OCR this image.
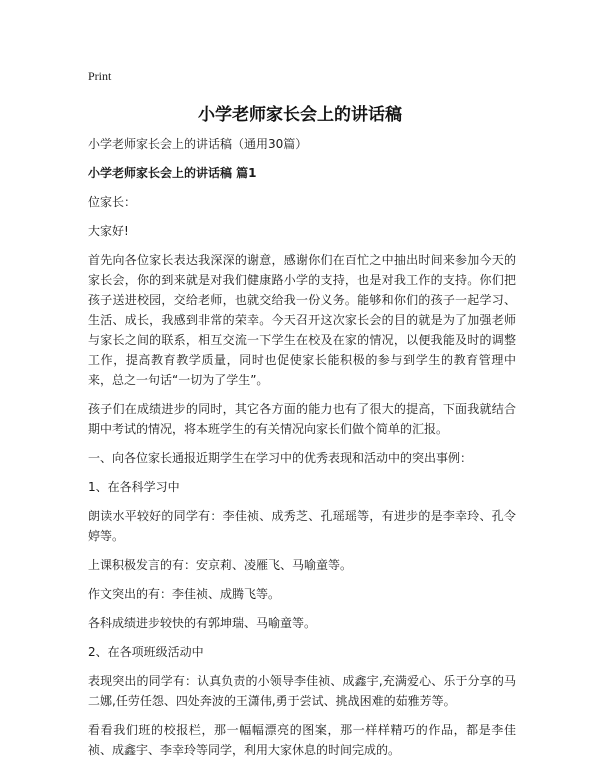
Print
小学老师家长会上的讲话稿

小学老师家长会上的讲话稿（通用30篇）

小学老师家长会上的讲话稿 篇1

位家长：

大家好!

首先向各位家长表达我深深的谢意，感谢你们在百忙之中抽出时间来参加今天的家长会，你的到来就是对我们健康路小学的支持，也是对我工作的支持。你们把孩子送进校园，交给老师，也就交给我一份义务。能够和你们的孩子一起学习、生活、成长，我感到非常的荣幸。今天召开这次家长会的目的就是为了加强老师与家长之间的联系，相互交流一下学生在校及在家的情况，以便我能及时的调整工作，提高教育教学质量，同时也促使家长能积极的参与到学生的教育管理中来，总之一句话“一切为了学生”。

孩子们在成绩进步的同时，其它各方面的能力也有了很大的提高，下面我就结合期中考试的情况，将本班学生的有关情况向家长们做个简单的汇报。

一、向各位家长通报近期学生在学习中的优秀表现和活动中的突出事例：

1、在各科学习中

朗读水平较好的同学有：李佳祯、成秀芝、孔瑶瑶等，有进步的是李幸玲、孔令婷等。

上课积极发言的有：安京莉、凌雁飞、马喻童等。

作文突出的有：李佳祯、成腾飞等。

各科成绩进步较快的有郭坤瑞、马喻童等。

2、在各项班级活动中

表现突出的同学有：认真负责的小领导李佳祯、成鑫宇,充满爱心、乐于分享的马二娜,任劳任怨、四处奔波的王潇伟,勇于尝试、挑战困难的茹雅芳等。

看看我们班的校报栏，那一幅幅漂亮的图案，那一样样精巧的作品，都是李佳祯、成鑫宇、李幸玲等同学，利用大家休息的时间完成的。
